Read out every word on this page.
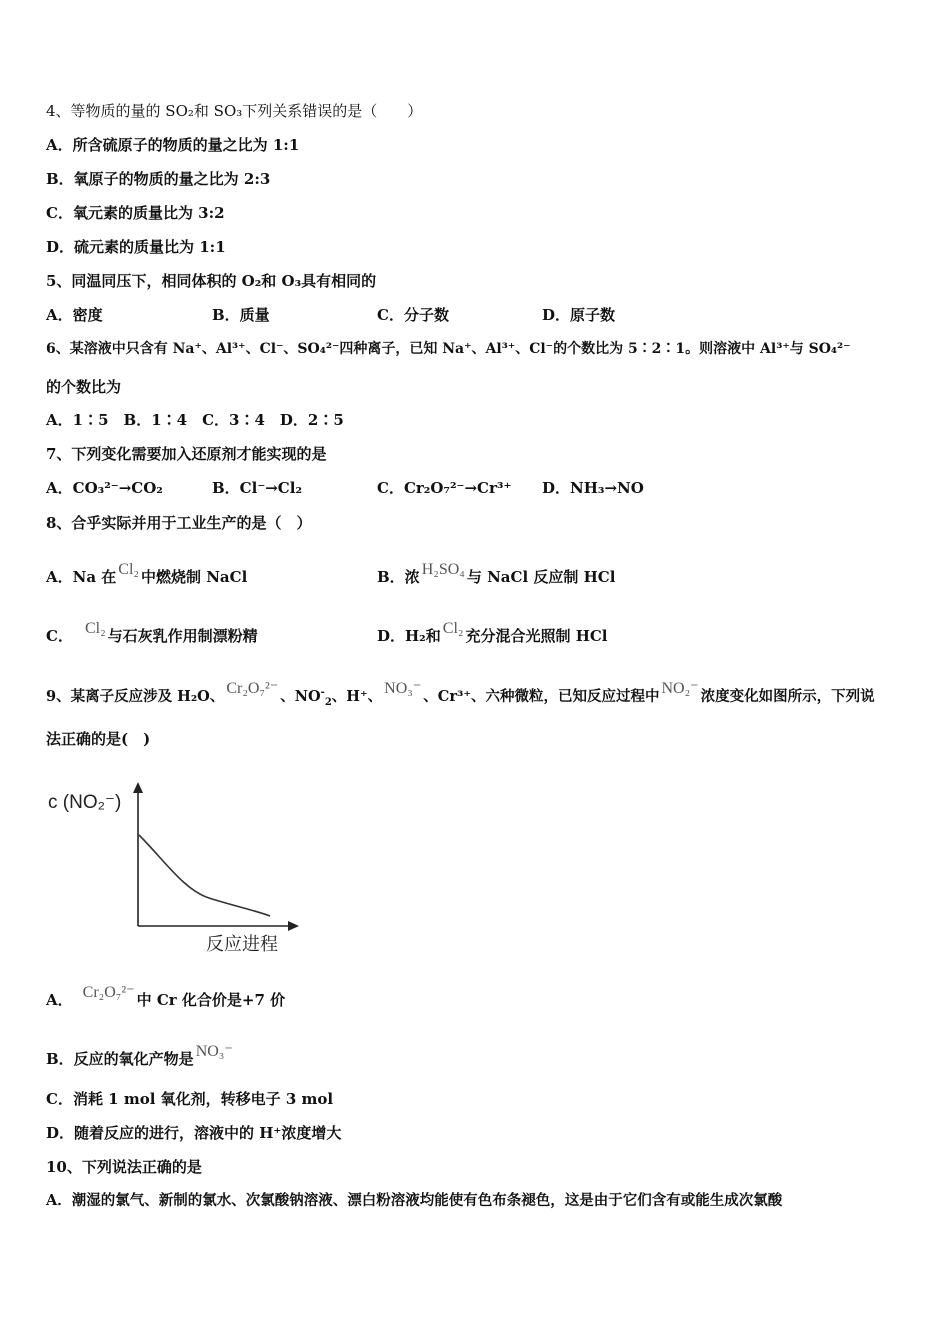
4、等物质的量的 SO₂和 SO₃下列关系错误的是（　　）
A．所含硫原子的物质的量之比为 1:1
B．氧原子的物质的量之比为 2:3
C．氧元素的质量比为 3:2
D．硫元素的质量比为 1:1
5、同温同压下，相同体积的 O₂和 O₃具有相同的
A．密度	B．质量	C．分子数	D．原子数
6、某溶液中只含有 Na⁺、Al³⁺、Cl⁻、SO₄²⁻四种离子，已知 Na⁺、Al³⁺、Cl⁻的个数比为 5∶2∶1。则溶液中 Al³⁺与 SO₄²⁻
的个数比为
A．1∶5　B．1∶4　C．3∶4　D．2∶5
7、下列变化需要加入还原剂才能实现的是
A．CO₃²⁻→CO₂	B．Cl⁻→Cl₂	C．Cr₂O₇²⁻→Cr³⁺ D．NH₃→NO
8、合乎实际并用于工业生产的是（　）
A．Na 在 Cl₂ 中燃烧制 NaCl	B．浓 H₂SO₄ 与 NaCl 反应制 HCl
C． Cl₂ 与石灰乳作用制漂粉精	D．H₂和 Cl₂ 充分混合光照制 HCl
9、某离子反应涉及 H₂O、 Cr₂O₇²⁻ 、$NO^-_2$、H⁺、 NO₃⁻ 、Cr³⁺、六种微粒，已知反应过程中 NO₂⁻ 浓度变化如图所示，下列说
法正确的是(　)
c (NO₂⁻)
反应进程
A． Cr₂O₇²⁻ 中 Cr 化合价是+7 价
B．反应的氧化产物是 NO₃⁻
C．消耗 1 mol 氧化剂，转移电子 3 mol
D．随着反应的进行，溶液中的 H⁺浓度增大
10、下列说法正确的是
A．潮湿的氯气、新制的氯水、次氯酸钠溶液、漂白粉溶液均能使有色布条褪色，这是由于它们含有或能生成次氯酸
